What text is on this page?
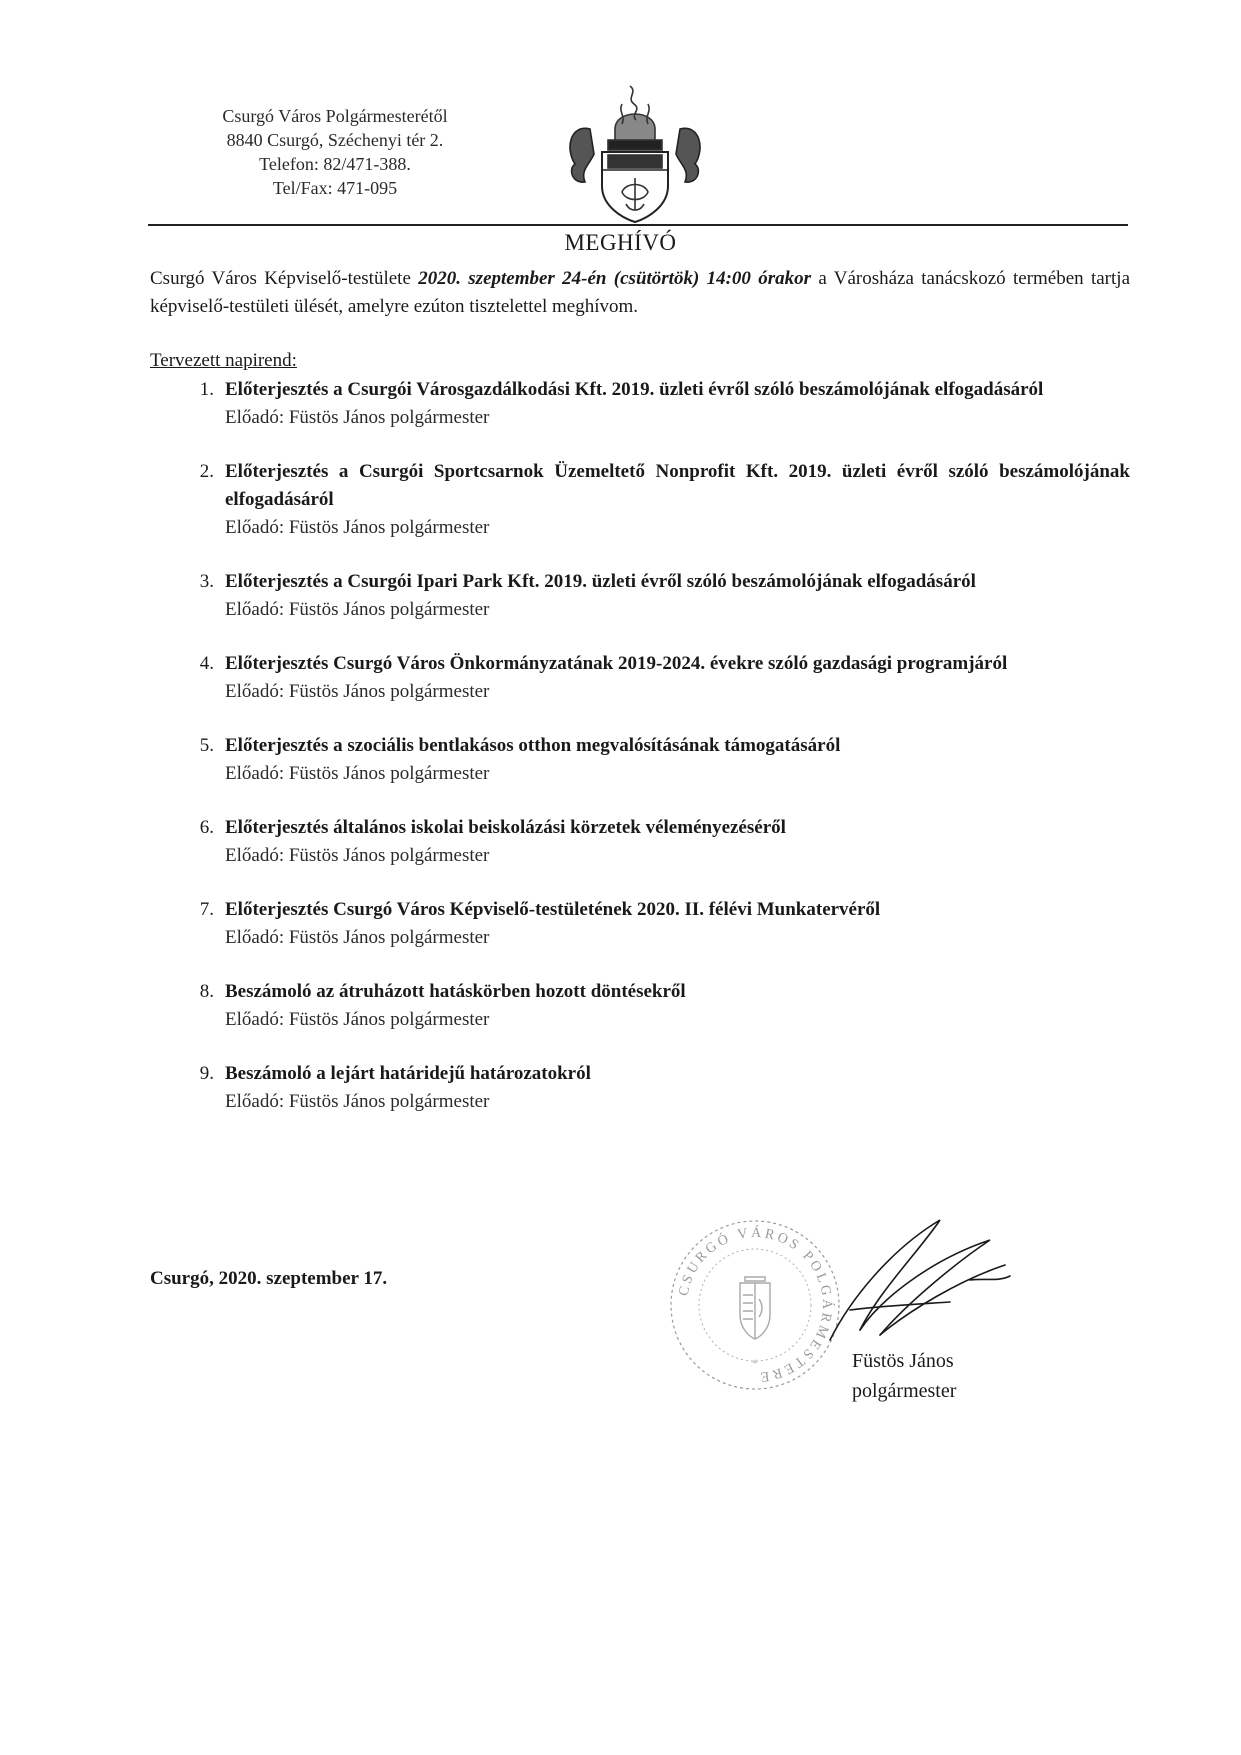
Csurgó Város Polgármesterétől
8840 Csurgó, Széchenyi tér 2.
Telefon: 82/471-388.
Tel/Fax: 471-095
MEGHÍVÓ
Csurgó Város Képviselő-testülete 2020. szeptember 24-én (csütörtök) 14:00 órakor a Városháza tanácskozó termében tartja képviselő-testületi ülését, amelyre ezúton tisztelettel meghívom.
Tervezett napirend:
1. Előterjesztés a Csurgói Városgazdálkodási Kft. 2019. üzleti évről szóló beszámolójának elfogadásáról
Előadó: Füstös János polgármester
2. Előterjesztés a Csurgói Sportcsarnok Üzemeltető Nonprofit Kft. 2019. üzleti évről szóló beszámolójának elfogadásáról
Előadó: Füstös János polgármester
3. Előterjesztés a Csurgói Ipari Park Kft. 2019. üzleti évről szóló beszámolójának elfogadásáról
Előadó: Füstös János polgármester
4. Előterjesztés Csurgó Város Önkormányzatának 2019-2024. évekre szóló gazdasági programjáról
Előadó: Füstös János polgármester
5. Előterjesztés a szociális bentlakásos otthon megvalósításának támogatásáról
Előadó: Füstös János polgármester
6. Előterjesztés általános iskolai beiskolázási körzetek véleményezéséről
Előadó: Füstös János polgármester
7. Előterjesztés Csurgó Város Képviselő-testületének 2020. II. félévi Munkatervéről
Előadó: Füstös János polgármester
8. Beszámoló az átruházott hatáskörben hozott döntésekről
Előadó: Füstös János polgármester
9. Beszámoló a lejárt határidejű határozatokról
Előadó: Füstös János polgármester
Csurgó, 2020. szeptember 17.
CSURGÓ VÁROS POLGÁRMESTERE
*	Füstös János
polgármester
